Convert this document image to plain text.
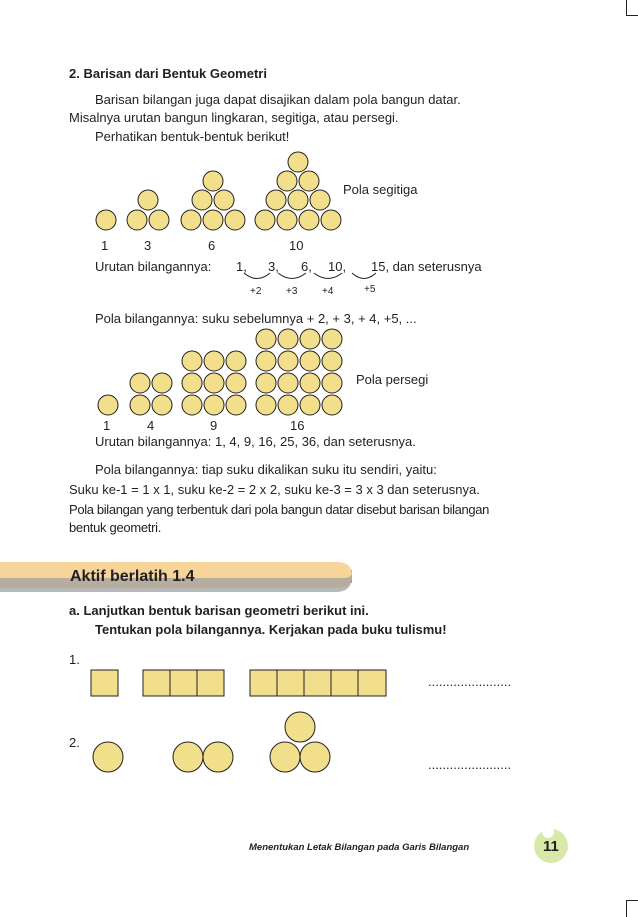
2. Barisan dari Bentuk Geometri
Barisan bilangan juga dapat disajikan dalam pola bangun datar.
Misalnya urutan bangun lingkaran, segitiga, atau persegi.
Perhatikan bentuk-bentuk berikut!
Pola segitiga
1	3	6	10
Urutan bilangannya: 1, 3, 6, 10, 15, dan seterusnya
+2 +3 +4	+5
Pola bilangannya: suku sebelumnya + 2, + 3, + 4, +5, ...
Pola persegi
1	4	9	16
Urutan bilangannya: 1, 4, 9, 16, 25, 36, dan seterusnya.
Pola bilangannya: tiap suku dikalikan suku itu sendiri, yaitu:
Suku ke-1 = 1 x 1, suku ke-2 = 2 x 2, suku ke-3 = 3 x 3 dan seterusnya.
Pola bilangan yang terbentuk dari pola bangun datar disebut barisan bilangan
bentuk geometri.
Aktif berlatih 1.4
a. Lanjutkan bentuk barisan geometri berikut ini.
Tentukan pola bilangannya. Kerjakan pada buku tulismu!
1.
.......................
2.
.......................
Menentukan Letak Bilangan pada Garis Bilangan	11
